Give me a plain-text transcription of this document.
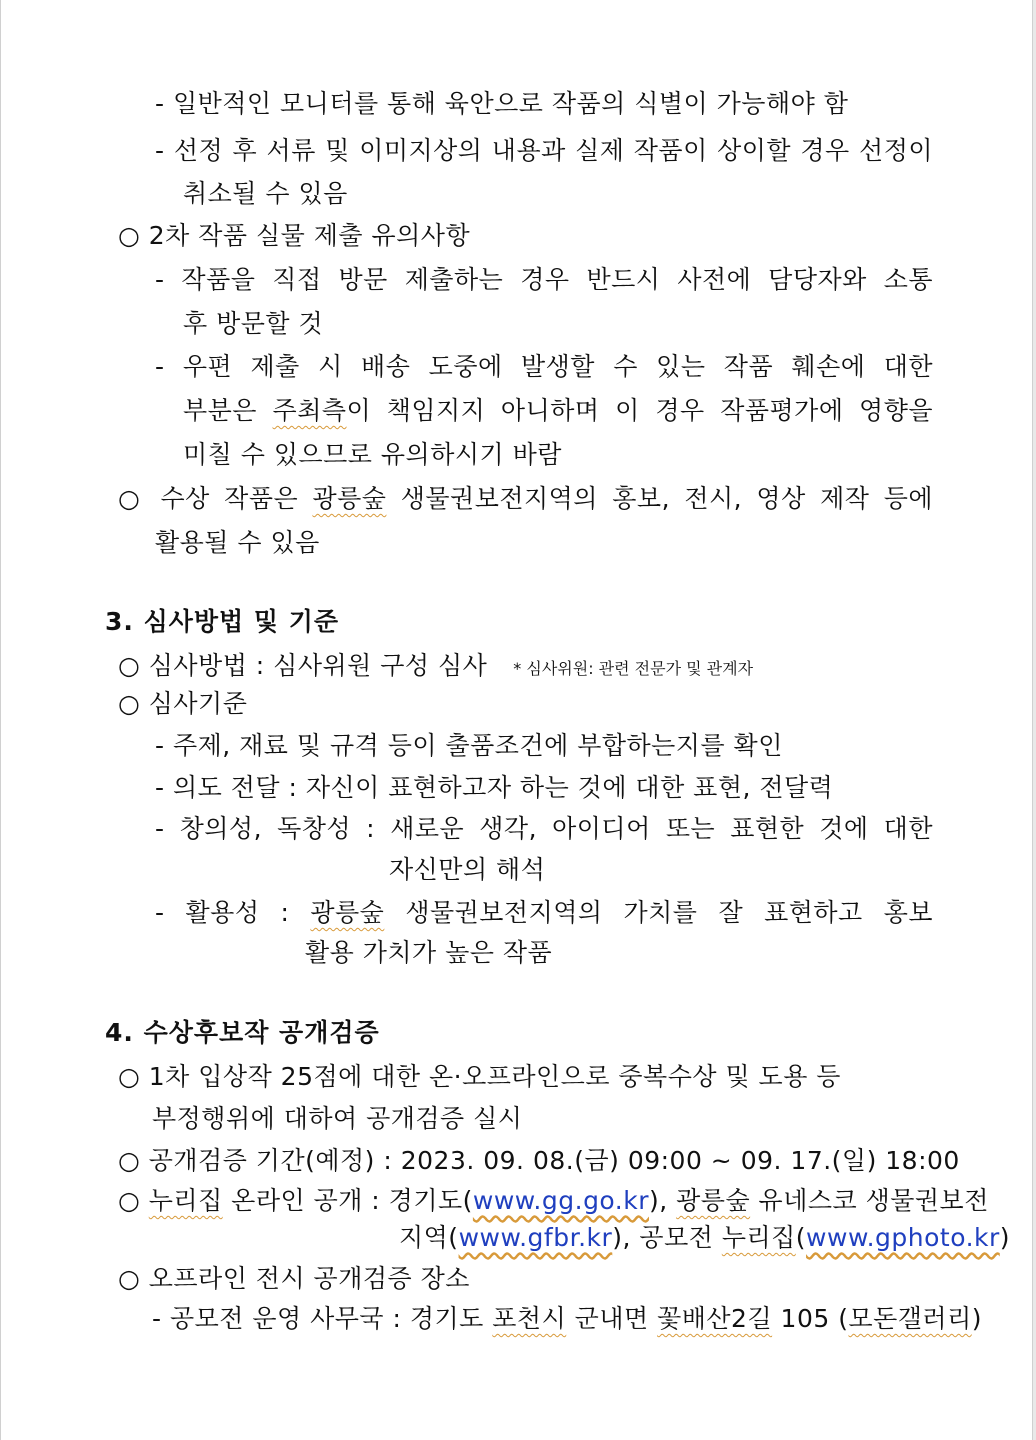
- 일반적인 모니터를 통해 육안으로 작품의 식별이 가능해야 함
- 선정 후 서류 및 이미지상의 내용과 실제 작품이 상이할 경우 선정이
취소될 수 있음
○ 2차 작품 실물 제출 유의사항
- 작품을 직접 방문 제출하는 경우 반드시 사전에 담당자와 소통
후 방문할 것
- 우편 제출 시 배송 도중에 발생할 수 있는 작품 훼손에 대한
부분은 주최측이 책임지지 아니하며 이 경우 작품평가에 영향을
미칠 수 있으므로 유의하시기 바람
○ 수상 작품은 광릉숲 생물권보전지역의 홍보, 전시, 영상 제작 등에
활용될 수 있음
3. 심사방법 및 기준
○ 심사방법 : 심사위원 구성 심사 * 심사위원: 관련 전문가 및 관계자
○ 심사기준
- 주제, 재료 및 규격 등이 출품조건에 부합하는지를 확인
- 의도 전달 : 자신이 표현하고자 하는 것에 대한 표현, 전달력
- 창의성, 독창성 : 새로운 생각, 아이디어 또는 표현한 것에 대한
자신만의 해석
- 활용성 : 광릉숲 생물권보전지역의 가치를 잘 표현하고 홍보
활용 가치가 높은 작품
4. 수상후보작 공개검증
○ 1차 입상작 25점에 대한 온·오프라인으로 중복수상 및 도용 등
부정행위에 대하여 공개검증 실시
○ 공개검증 기간(예정) : 2023. 09. 08.(금) 09:00 ~ 09. 17.(일) 18:00
○ 누리집 온라인 공개 : 경기도(www.gg.go.kr), 광릉숲 유네스코 생물권보전
지역(www.gfbr.kr), 공모전 누리집(www.gphoto.kr)
○ 오프라인 전시 공개검증 장소
- 공모전 운영 사무국 : 경기도 포천시 군내면 꽃배산2길 105 (모돈갤러리)
